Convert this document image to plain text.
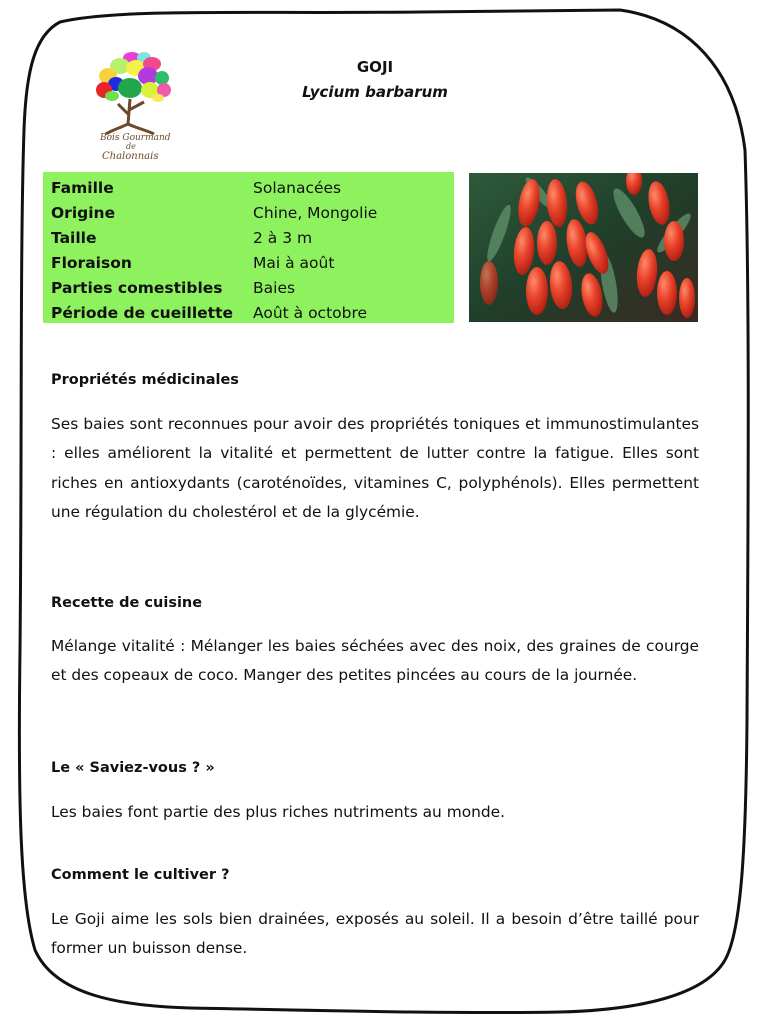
Bois Gourmand
de
Chalonnais
GOJI
Lycium barbarum
Famille	Solanacées
Origine	Chine, Mongolie
Taille	2 à 3 m
Floraison	Mai à août
Parties comestibles	Baies
Période de cueillette	Août à octobre
Propriétés médicinales
Ses baies sont reconnues pour avoir des propriétés toniques et immunostimulantes : elles améliorent la vitalité et permettent de lutter contre la fatigue. Elles sont riches en antioxydants (caroténoïdes, vitamines C, polyphénols). Elles permettent une régulation du cholestérol et de la glycémie.
Recette de cuisine
Mélange vitalité : Mélanger les baies séchées avec des noix, des graines de courge et des copeaux de coco. Manger des petites pincées au cours de la journée.
Le « Saviez-vous ? »
Les baies font partie des plus riches nutriments au monde.
Comment le cultiver ?
Le Goji aime les sols bien drainées, exposés au soleil. Il a besoin d’être taillé pour former un buisson dense.
